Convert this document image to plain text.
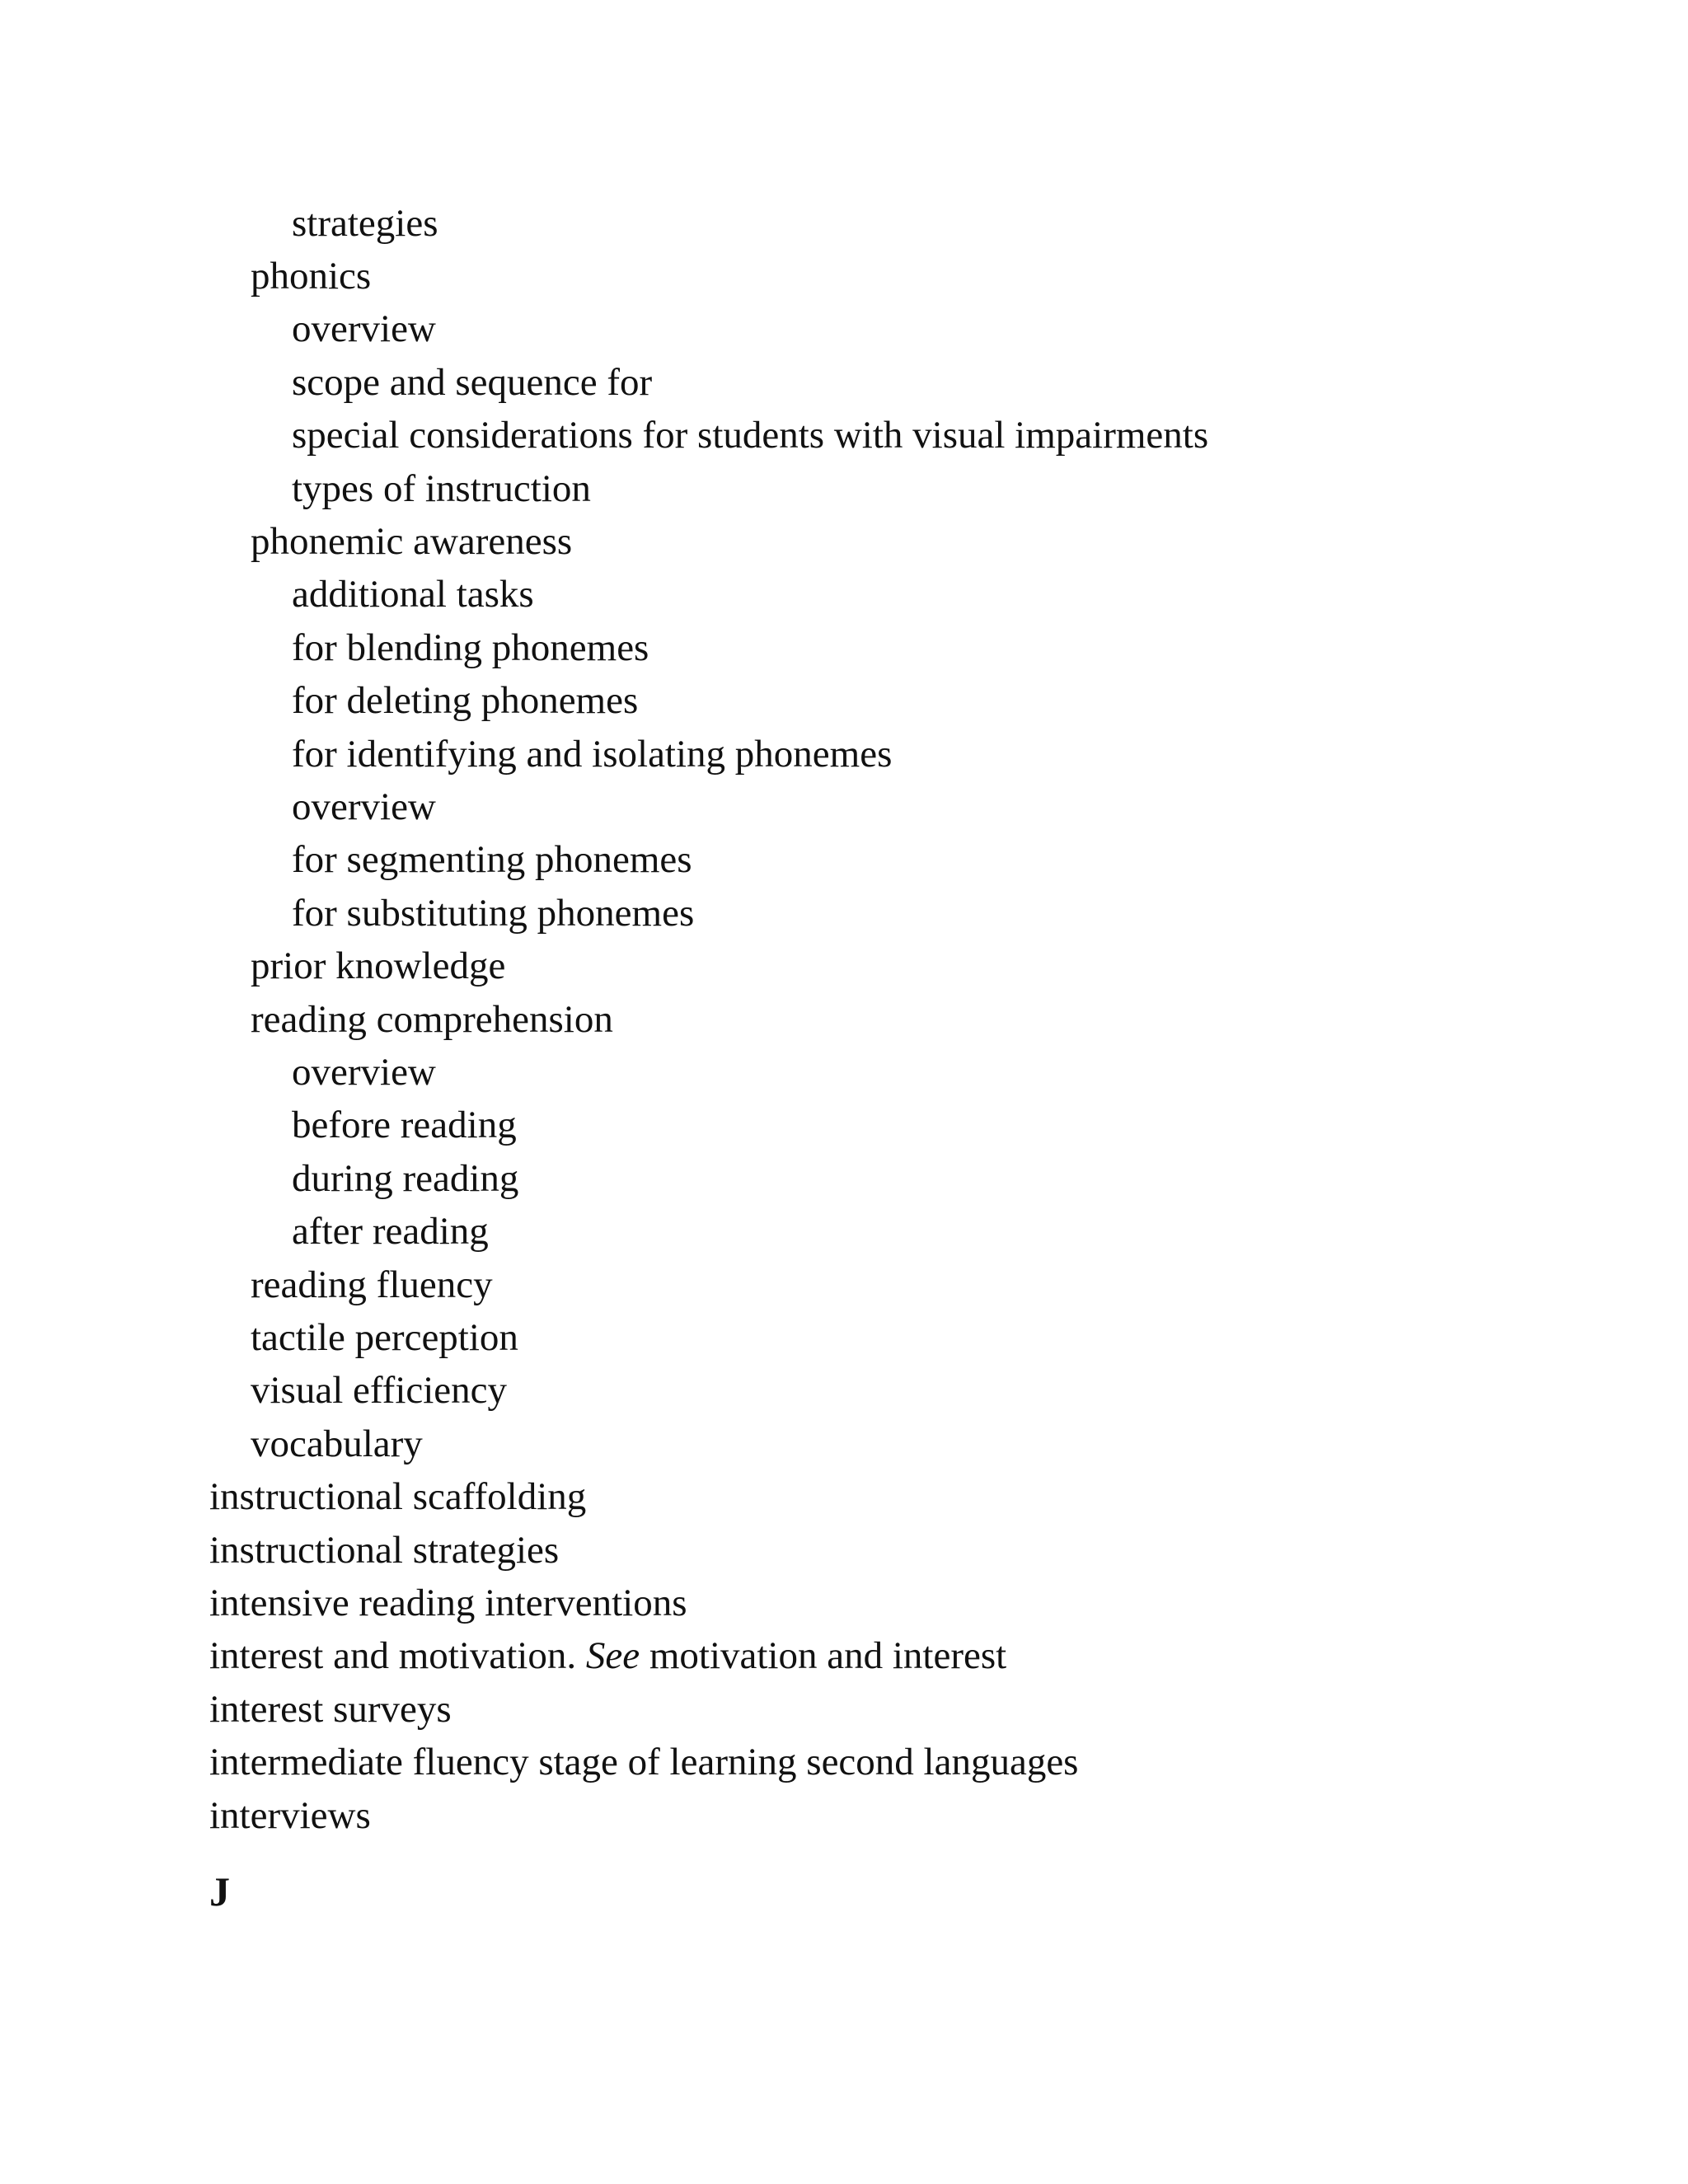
strategies

phonics

overview

scope and sequence for

special considerations for students with visual impairments

types of instruction

phonemic awareness

additional tasks

for blending phonemes

for deleting phonemes

for identifying and isolating phonemes

overview

for segmenting phonemes

for substituting phonemes

prior knowledge

reading comprehension

overview

before reading

during reading

after reading

reading fluency

tactile perception

visual efficiency

vocabulary

instructional scaffolding

instructional strategies

intensive reading interventions

interest and motivation. See motivation and interest

interest surveys

intermediate fluency stage of learning second languages

interviews

J
